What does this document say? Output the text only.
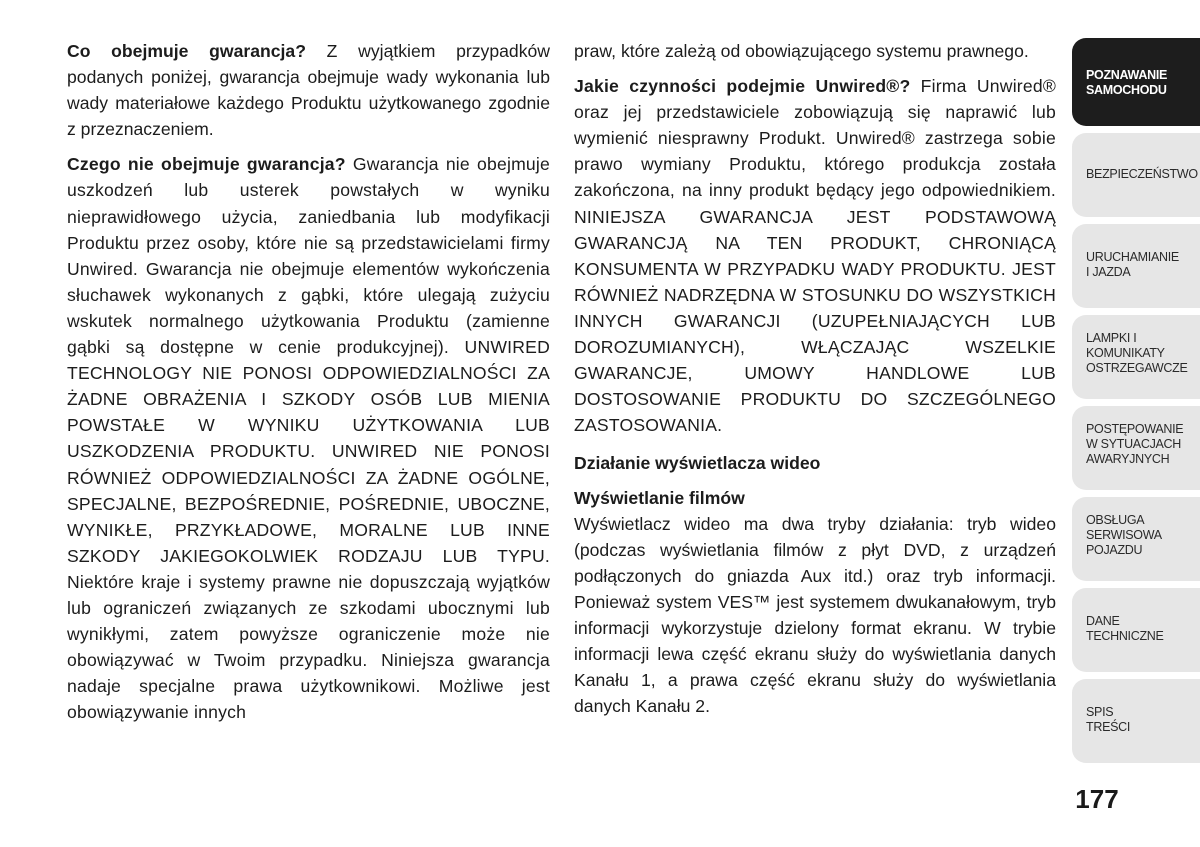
Co obejmuje gwarancja? Z wyjątkiem przypadków podanych poniżej, gwarancja obejmuje wady wykonania lub wady materiałowe każdego Produktu użytkowanego zgodnie z przeznaczeniem.

Czego nie obejmuje gwarancja? Gwarancja nie obejmuje uszkodzeń lub usterek powstałych w wyniku nieprawidłowego użycia, zaniedbania lub modyfikacji Produktu przez osoby, które nie są przedstawicielami firmy Unwired. Gwarancja nie obejmuje elementów wykończenia słuchawek wykonanych z gąbki, które ulegają zużyciu wskutek normalnego użytkowania Produktu (zamienne gąbki są dostępne w cenie produkcyjnej). UNWIRED TECHNOLOGY NIE PONOSI ODPOWIEDZIALNOŚCI ZA ŻADNE OBRAŻENIA I SZKODY OSÓB LUB MIENIA POWSTAŁE W WYNIKU UŻYTKOWANIA LUB USZKODZENIA PRODUKTU. UNWIRED NIE PONOSI RÓWNIEŻ ODPOWIEDZIALNOŚCI ZA ŻADNE OGÓLNE, SPECJALNE, BEZPOŚREDNIE, POŚREDNIE, UBOCZNE, WYNIKŁE, PRZYKŁADOWE, MORALNE LUB INNE SZKODY JAKIEGOKOLWIEK RODZAJU LUB TYPU. Niektóre kraje i systemy prawne nie dopuszczają wyjątków lub ograniczeń związanych ze szkodami ubocznymi lub wynikłymi, zatem powyższe ograniczenie może nie obowiązywać w Twoim przypadku. Niniejsza gwarancja nadaje specjalne prawa użytkownikowi. Możliwe jest obowiązywanie innych

praw, które zależą od obowiązującego systemu prawnego.

Jakie czynności podejmie Unwired®? Firma Unwired® oraz jej przedstawiciele zobowiązują się naprawić lub wymienić niesprawny Produkt. Unwired® zastrzega sobie prawo wymiany Produktu, którego produkcja została zakończona, na inny produkt będący jego odpowiednikiem. NINIEJSZA GWARANCJA JEST PODSTAWOWĄ GWARANCJĄ NA TEN PRODUKT, CHRONIĄCĄ KONSUMENTA W PRZYPADKU WADY PRODUKTU. JEST RÓWNIEŻ NADRZĘDNA W STOSUNKU DO WSZYSTKICH INNYCH GWARANCJI (UZUPEŁNIAJĄCYCH LUB DOROZUMIANYCH), WŁĄCZAJĄC WSZELKIE GWARANCJE, UMOWY HANDLOWE LUB DOSTOSOWANIE PRODUKTU DO SZCZEGÓLNEGO ZASTOSOWANIA.

Działanie wyświetlacza wideo
Wyświetlanie filmów

Wyświetlacz wideo ma dwa tryby działania: tryb wideo (podczas wyświetlania filmów z płyt DVD, z urządzeń podłączonych do gniazda Aux itd.) oraz tryb informacji. Ponieważ system VES™ jest systemem dwukanałowym, tryb informacji wykorzystuje dzielony format ekranu. W trybie informacji lewa część ekranu służy do wyświetlania danych Kanału 1, a prawa część ekranu służy do wyświetlania danych Kanału 2.

POZNAWANIE
SAMOCHODU
BEZPIECZEŃSTWO
URUCHAMIANIE
I JAZDA
LAMPKI I
KOMUNIKATY
OSTRZEGAWCZE
POSTĘPOWANIE
W SYTUACJACH
AWARYJNYCH
OBSŁUGA
SERWISOWA
POJAZDU
DANE
TECHNICZNE
SPIS
TREŚCI
177
